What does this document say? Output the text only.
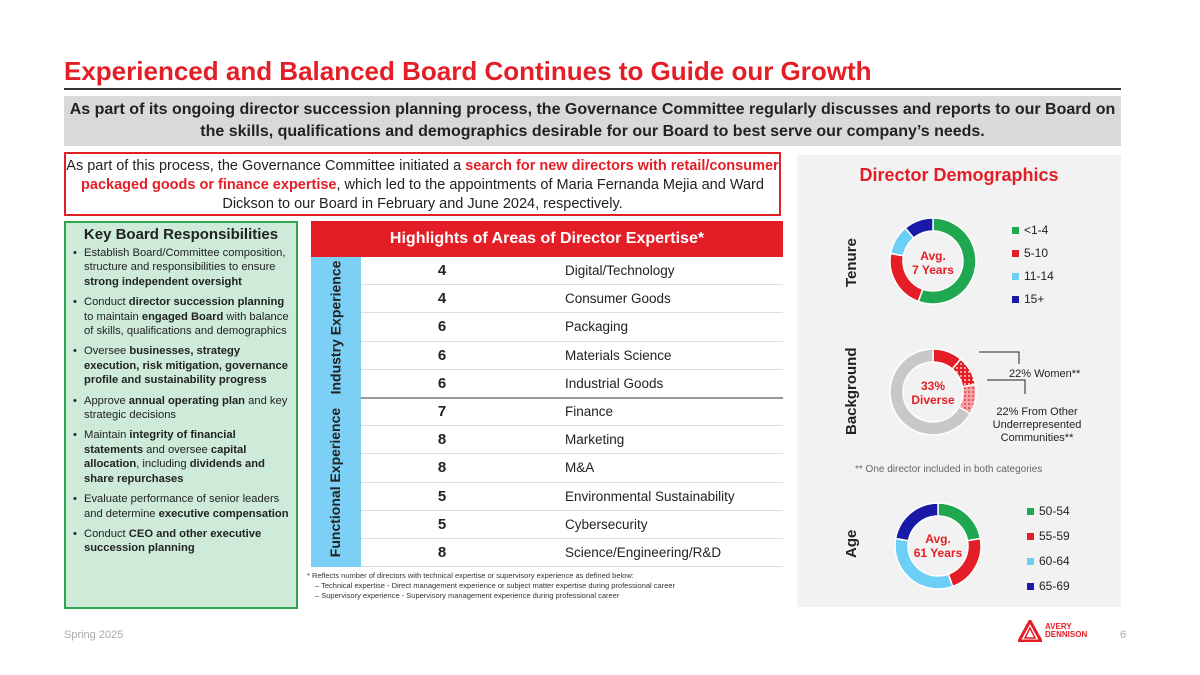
Experienced and Balanced Board Continues to Guide our Growth
As part of its ongoing director succession planning process, the Governance Committee regularly discusses and reports to our Board on the skills, qualifications and demographics desirable for our Board to best serve our company’s needs.
As part of this process, the Governance Committee initiated a search for new directors with retail/consumer packaged goods or finance expertise, which led to the appointments of Maria Fernanda Mejia and Ward Dickson to our Board in February and June 2024, respectively.
Key Board Responsibilities
• Establish Board/Committee composition, structure and responsibilities to ensure strong independent oversight
• Conduct director succession planning to maintain engaged Board with balance of skills, qualifications and demographics
• Oversee businesses, strategy execution, risk mitigation, governance profile and sustainability progress
• Approve annual operating plan and key strategic decisions
• Maintain integrity of financial statements and oversee capital allocation, including dividends and share repurchases
• Evaluate performance of senior leaders and determine executive compensation
• Conduct CEO and other executive succession planning
Highlights of Areas of Director Expertise*
Industry Experience	4	Digital/Technology
4	Consumer Goods
6	Packaging
6	Materials Science
6	Industrial Goods
Functional Experience	7	Finance
8	Marketing
8	M&A
5	Environmental Sustainability
5	Cybersecurity
8	Science/Engineering/R&D
* Reflects number of directors with technical expertise or supervisory experience as defined below:
– Technical expertise - Direct management experience or subject matter expertise during professional career
– Supervisory experience - Supervisory management experience during professional career
Director Demographics
Tenure
Background
Age
Avg.
7 Years
33%
Diverse
Avg.
61 Years
<1-4
5-10
11-14
15+
50-54
55-59
60-64
65-69
22% Women**
22% From Other Underrepresented Communities**
** One director included in both categories
Spring 2025
AVERY DENNISON	6
